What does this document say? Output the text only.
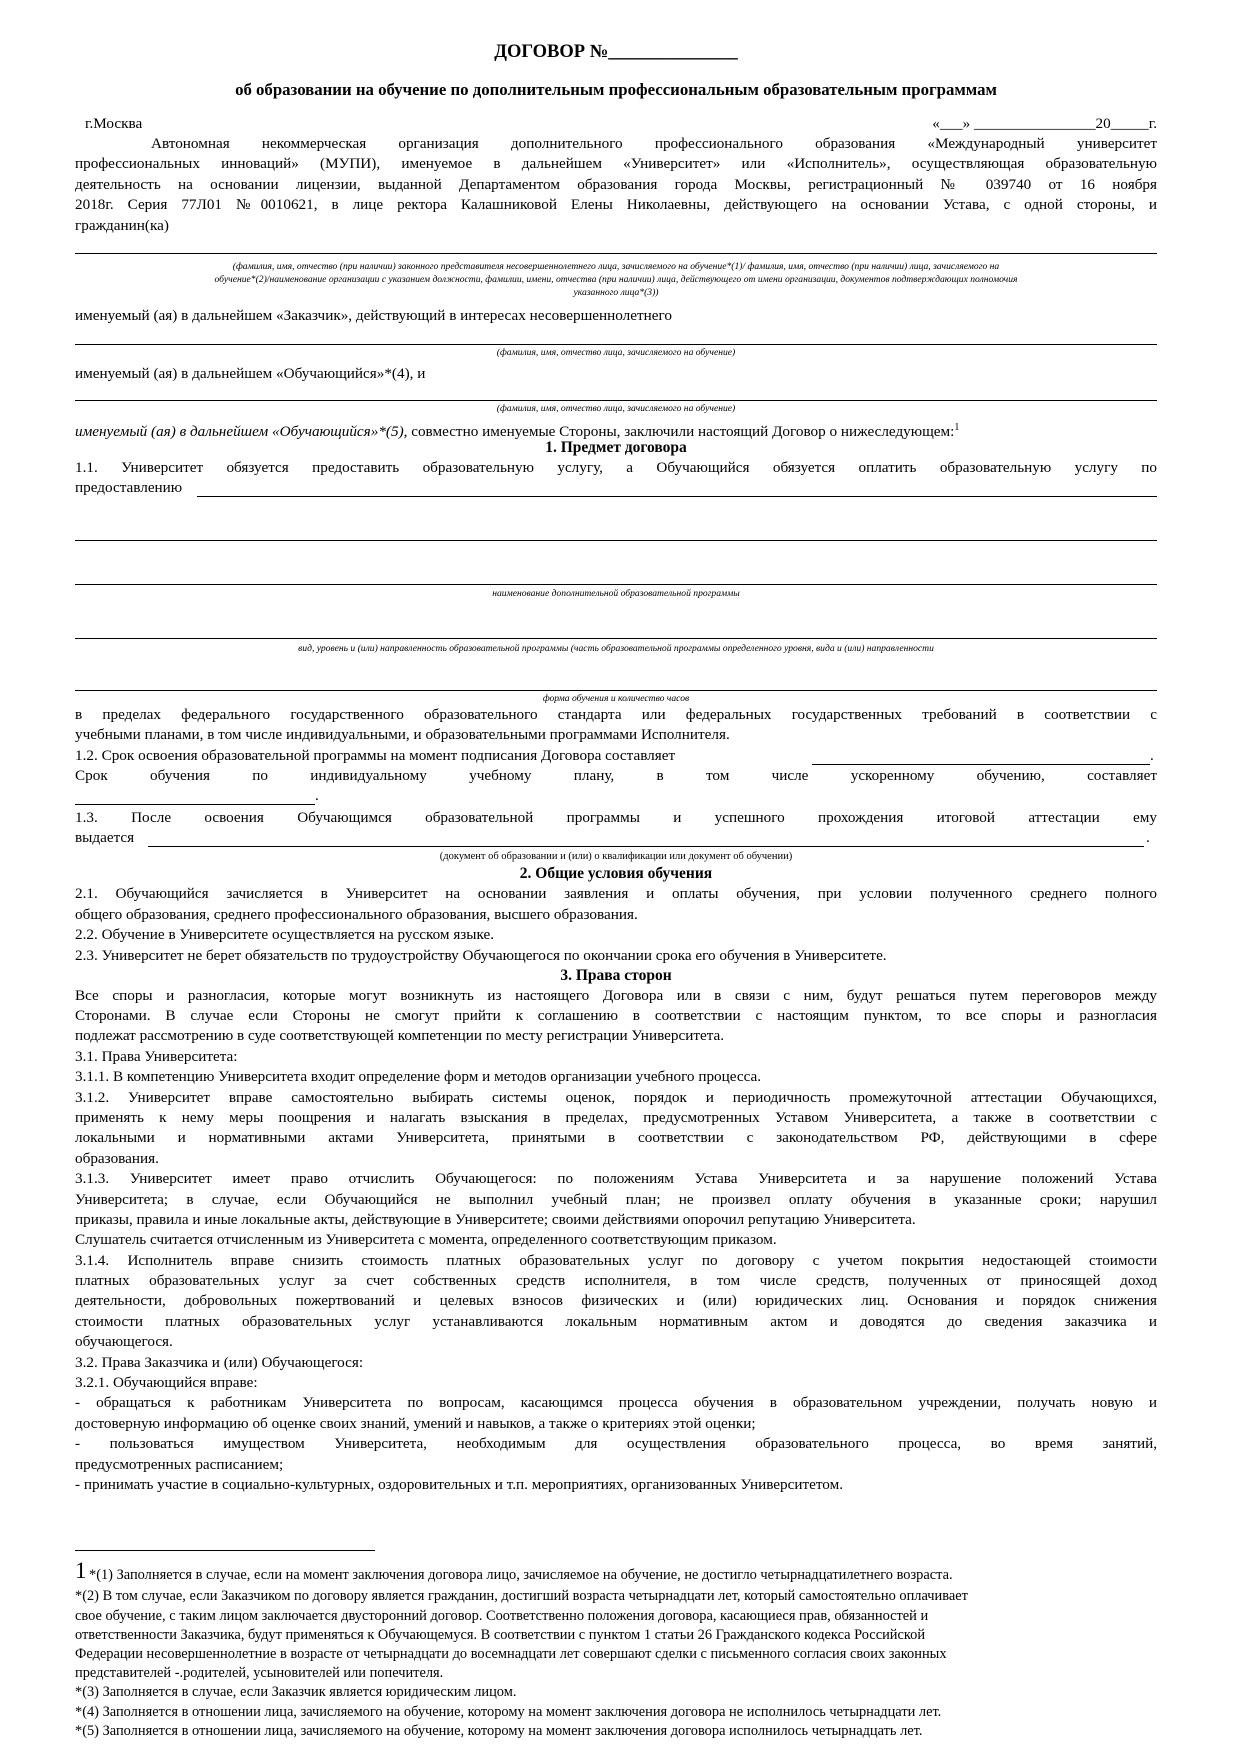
ДОГОВОР №______________
об образовании на обучение по дополнительным профессиональным образовательным программам
г.Москва	«___» ________________20_____г.
Автономная некоммерческая организация дополнительного профессионального образования «Международный университет
профессиональных инноваций» (МУПИ), именуемое в дальнейшем «Университет» или «Исполнитель», осуществляющая образовательную
деятельность на основании лицензии, выданной Департаментом образования города Москвы, регистрационный № 039740 от 16 ноября
2018г. Серия 77Л01 №0010621, в лице ректора Калашниковой Елены Николаевны, действующего на основании Устава, с одной стороны, и
гражданин(ка)
(фамилия, имя, отчество (при наличии) законного представителя несовершеннолетнего лица, зачисляемого на обучение*(1)/ фамилия, имя, отчество (при наличии) лица, зачисляемого на
обучение*(2)/наименование организации с указанием должности, фамилии, имени, отчества (при наличии) лица, действующего от имени организации, документов подтверждающих полномочия
указанного лица*(3))
именуемый (ая) в дальнейшем «Заказчик», действующий в интересах несовершеннолетнего
(фамилия, имя, отчество лица, зачисляемого на обучение)
именуемый (ая) в дальнейшем «Обучающийся»*(4), и
(фамилия, имя, отчество лица, зачисляемого на обучение)
именуемый (ая) в дальнейшем «Обучающийся»*(5), совместно именуемые Стороны, заключили настоящий Договор о нижеследующем:$^1$
1. Предмет договора
1.1. Университет обязуется предоставить образовательную услугу, а Обучающийся обязуется оплатить образовательную услугу по
предоставлению
наименование дополнительной образовательной программы
вид, уровень и (или) направленность образовательной программы (часть образовательной программы определенного уровня, вида и (или) направленности
форма обучения и количество часов
в пределах федерального государственного образовательного стандарта или федеральных государственных требований в соответствии с
учебными планами, в том числе индивидуальными, и образовательными программами Исполнителя.
1.2. Срок освоения образовательной программы на момент подписания Договора составляет	.
Срок обучения по индивидуальному учебному плану, в том числе ускоренному обучению, составляет
.
1.3. После освоения Обучающимся образовательной программы и успешного прохождения итоговой аттестации ему
выдается	.
(документ об образовании и (или) о квалификации или документ об обучении)
2. Общие условия обучения
2.1. Обучающийся зачисляется в Университет на основании заявления и оплаты обучения, при условии полученного среднего полного
общего образования, среднего профессионального образования, высшего образования.
2.2. Обучение в Университете осуществляется на русском языке.
2.3. Университет не берет обязательств по трудоустройству Обучающегося по окончании срока его обучения в Университете.
3. Права сторон
Все споры и разногласия, которые могут возникнуть из настоящего Договора или в связи с ним, будут решаться путем переговоров между
Сторонами. В случае если Стороны не смогут прийти к соглашению в соответствии с настоящим пунктом, то все споры и разногласия
подлежат рассмотрению в суде соответствующей компетенции по месту регистрации Университета.
3.1. Права Университета:
3.1.1. В компетенцию Университета входит определение форм и методов организации учебного процесса.
3.1.2. Университет вправе самостоятельно выбирать системы оценок, порядок и периодичность промежуточной аттестации Обучающихся,
применять к нему меры поощрения и налагать взыскания в пределах, предусмотренных Уставом Университета, а также в соответствии с
локальными и нормативными актами Университета, принятыми в соответствии с законодательством РФ, действующими в сфере
образования.
3.1.3. Университет имеет право отчислить Обучающегося: по положениям Устава Университета и за нарушение положений Устава
Университета; в случае, если Обучающийся не выполнил учебный план; не произвел оплату обучения в указанные сроки; нарушил
приказы, правила и иные локальные акты, действующие в Университете; своими действиями опорочил репутацию Университета.
Слушатель считается отчисленным из Университета с момента, определенного соответствующим приказом.
3.1.4. Исполнитель вправе снизить стоимость платных образовательных услуг по договору с учетом покрытия недостающей стоимости
платных образовательных услуг за счет собственных средств исполнителя, в том числе средств, полученных от приносящей доход
деятельности, добровольных пожертвований и целевых взносов физических и (или) юридических лиц. Основания и порядок снижения
стоимости платных образовательных услуг устанавливаются локальным нормативным актом и доводятся до сведения заказчика и
обучающегося.
3.2. Права Заказчика и (или) Обучающегося:
3.2.1. Обучающийся вправе:
- обращаться к работникам Университета по вопросам, касающимся процесса обучения в образовательном учреждении, получать новую и
достоверную информацию об оценке своих знаний, умений и навыков, а также о критериях этой оценки;
- пользоваться имуществом Университета, необходимым для осуществления образовательного процесса, во время занятий,
предусмотренных расписанием;
- принимать участие в социально-культурных, оздоровительных и т.п. мероприятиях, организованных Университетом.
1 *(1) Заполняется в случае, если на момент заключения договора лицо, зачисляемое на обучение, не достигло четырнадцатилетнего возраста.
*(2) В том случае, если Заказчиком по договору является гражданин, достигший возраста четырнадцати лет, который самостоятельно оплачивает
свое обучение, с таким лицом заключается двусторонний договор. Соответственно положения договора, касающиеся прав, обязанностей и
ответственности Заказчика, будут применяться к Обучающемуся. В соответствии с пунктом 1 статьи 26 Гражданского кодекса Российской
Федерации несовершеннолетние в возрасте от четырнадцати до восемнадцати лет совершают сделки с письменного согласия своих законных
представителей -.родителей, усыновителей или попечителя.
*(3) Заполняется в случае, если Заказчик является юридическим лицом.
*(4) Заполняется в отношении лица, зачисляемого на обучение, которому на момент заключения договора не исполнилось четырнадцати лет.
*(5) Заполняется в отношении лица, зачисляемого на обучение, которому на момент заключения договора исполнилось четырнадцать лет.
